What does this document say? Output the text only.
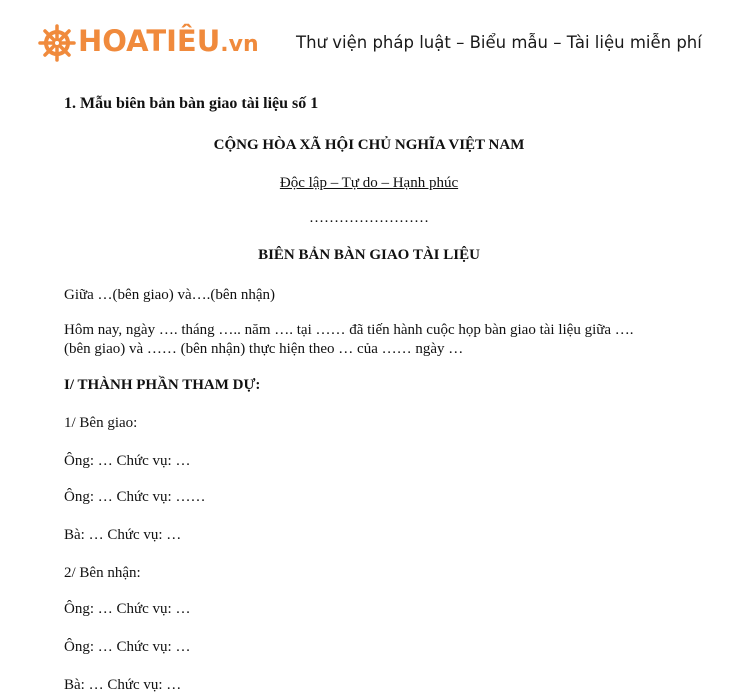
HOATIÊU.vn Thư viện pháp luật – Biểu mẫu – Tài liệu miễn phí
1. Mẫu biên bản bàn giao tài liệu số 1
CỘNG HÒA XÃ HỘI CHỦ NGHĨA VIỆT NAM
Độc lập – Tự do – Hạnh phúc
……………………
BIÊN BẢN BÀN GIAO TÀI LIỆU
Giữa …(bên giao) và….(bên nhận)
Hôm nay, ngày …. tháng ….. năm …. tại …… đã tiến hành cuộc họp bàn giao tài liệu giữa ….
(bên giao) và …… (bên nhận) thực hiện theo … của …… ngày …
I/ THÀNH PHẦN THAM DỰ:
1/ Bên giao:
Ông: … Chức vụ: …
Ông: … Chức vụ: ……
Bà: … Chức vụ: …
2/ Bên nhận:
Ông: … Chức vụ: …
Ông: … Chức vụ: …
Bà: … Chức vụ: …
